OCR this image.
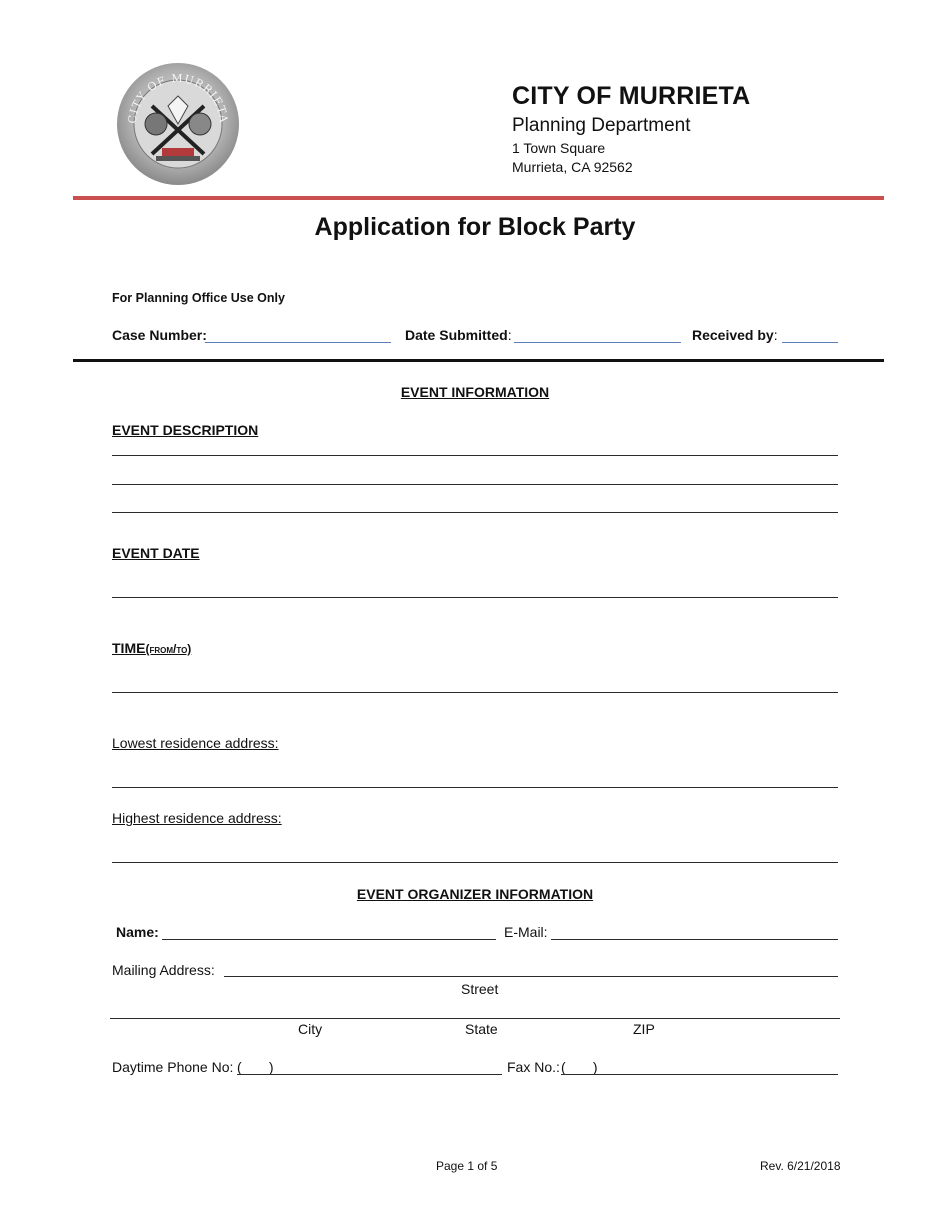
CITY OF MURRIETA
CITY OF MURRIETA
Planning Department
1 Town Square
Murrieta, CA 92562
Application for Block Party
For Planning Office Use Only
Case Number:	Date Submitted:	Received by:
EVENT INFORMATION
EVENT DESCRIPTION
EVENT DATE
TIME(from/to)
Lowest residence address:
Highest residence address:
EVENT ORGANIZER INFORMATION
Name:	E-Mail:
Mailing Address:
Street
City	State	ZIP
Daytime Phone No: (       )	Fax No.: (       )
Page 1 of 5	Rev. 6/21/2018
